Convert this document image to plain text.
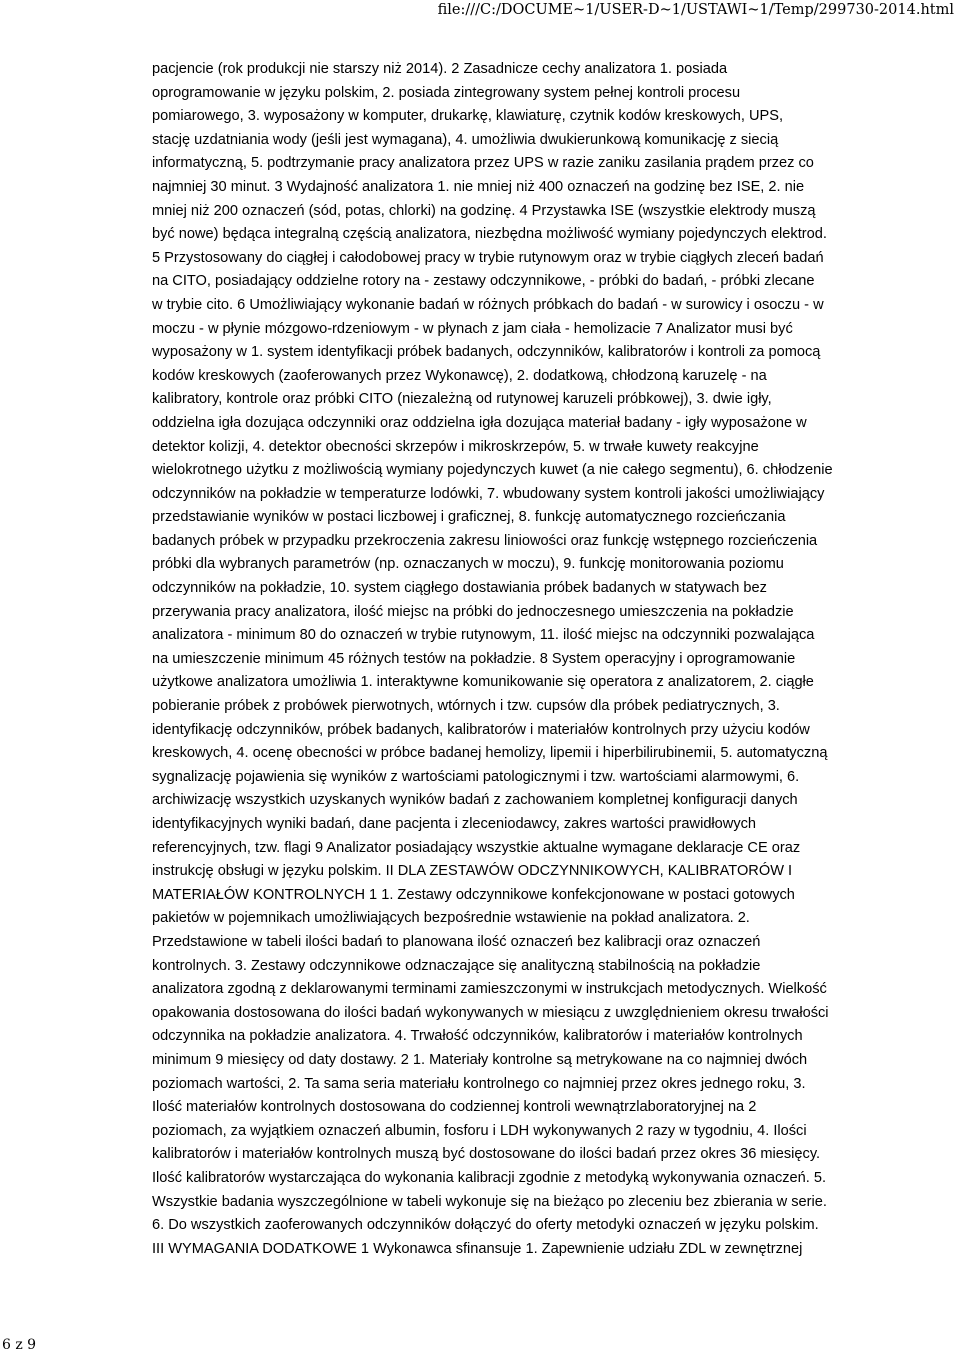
file:///C:/DOCUME~1/USER-D~1/USTAWI~1/Temp/299730-2014.html
pacjencie (rok produkcji nie starszy niż 2014). 2 Zasadnicze cechy analizatora 1. posiada
oprogramowanie w języku polskim, 2. posiada zintegrowany system pełnej kontroli procesu
pomiarowego, 3. wyposażony w komputer, drukarkę, klawiaturę, czytnik kodów kreskowych, UPS,
stację uzdatniania wody (jeśli jest wymagana), 4. umożliwia dwukierunkową komunikację z siecią
informatyczną, 5. podtrzymanie pracy analizatora przez UPS w razie zaniku zasilania prądem przez co
najmniej 30 minut. 3 Wydajność analizatora 1. nie mniej niż 400 oznaczeń na godzinę bez ISE, 2. nie
mniej niż 200 oznaczeń (sód, potas, chlorki) na godzinę. 4 Przystawka ISE (wszystkie elektrody muszą
być nowe) będąca integralną częścią analizatora, niezbędna możliwość wymiany pojedynczych elektrod.
5 Przystosowany do ciągłej i całodobowej pracy w trybie rutynowym oraz w trybie ciągłych zleceń badań
na CITO, posiadający oddzielne rotory na - zestawy odczynnikowe, - próbki do badań, - próbki zlecane
w trybie cito. 6 Umożliwiający wykonanie badań w różnych próbkach do badań - w surowicy i osoczu - w
moczu - w płynie mózgowo-rdzeniowym - w płynach z jam ciała - hemolizacie 7 Analizator musi być
wyposażony w 1. system identyfikacji próbek badanych, odczynników, kalibratorów i kontroli za pomocą
kodów kreskowych (zaoferowanych przez Wykonawcę), 2. dodatkową, chłodzoną karuzelę - na
kalibratory, kontrole oraz próbki CITO (niezależną od rutynowej karuzeli próbkowej), 3. dwie igły,
oddzielna igła dozująca odczynniki oraz oddzielna igła dozująca materiał badany - igły wyposażone w
detektor kolizji, 4. detektor obecności skrzepów i mikroskrzepów, 5. w trwałe kuwety reakcyjne
wielokrotnego użytku z możliwością wymiany pojedynczych kuwet (a nie całego segmentu), 6. chłodzenie
odczynników na pokładzie w temperaturze lodówki, 7. wbudowany system kontroli jakości umożliwiający
przedstawianie wyników w postaci liczbowej i graficznej, 8. funkcję automatycznego rozcieńczania
badanych próbek w przypadku przekroczenia zakresu liniowości oraz funkcję wstępnego rozcieńczenia
próbki dla wybranych parametrów (np. oznaczanych w moczu), 9. funkcję monitorowania poziomu
odczynników na pokładzie, 10. system ciągłego dostawiania próbek badanych w statywach bez
przerywania pracy analizatora, ilość miejsc na próbki do jednoczesnego umieszczenia na pokładzie
analizatora - minimum 80 do oznaczeń w trybie rutynowym, 11. ilość miejsc na odczynniki pozwalająca
na umieszczenie minimum 45 różnych testów na pokładzie. 8 System operacyjny i oprogramowanie
użytkowe analizatora umożliwia 1. interaktywne komunikowanie się operatora z analizatorem, 2. ciągłe
pobieranie próbek z probówek pierwotnych, wtórnych i tzw. cupsów dla próbek pediatrycznych, 3.
identyfikację odczynników, próbek badanych, kalibratorów i materiałów kontrolnych przy użyciu kodów
kreskowych, 4. ocenę obecności w próbce badanej hemolizy, lipemii i hiperbilirubinemii, 5. automatyczną
sygnalizację pojawienia się wyników z wartościami patologicznymi i tzw. wartościami alarmowymi, 6.
archiwizację wszystkich uzyskanych wyników badań z zachowaniem kompletnej konfiguracji danych
identyfikacyjnych wyniki badań, dane pacjenta i zleceniodawcy, zakres wartości prawidłowych
referencyjnych, tzw. flagi 9 Analizator posiadający wszystkie aktualne wymagane deklaracje CE oraz
instrukcję obsługi w języku polskim. II DLA ZESTAWÓW ODCZYNNIKOWYCH, KALIBRATORÓW I
MATERIAŁÓW KONTROLNYCH 1 1. Zestawy odczynnikowe konfekcjonowane w postaci gotowych
pakietów w pojemnikach umożliwiających bezpośrednie wstawienie na pokład analizatora. 2.
Przedstawione w tabeli ilości badań to planowana ilość oznaczeń bez kalibracji oraz oznaczeń
kontrolnych. 3. Zestawy odczynnikowe odznaczające się analityczną stabilnością na pokładzie
analizatora zgodną z deklarowanymi terminami zamieszczonymi w instrukcjach metodycznych. Wielkość
opakowania dostosowana do ilości badań wykonywanych w miesiącu z uwzględnieniem okresu trwałości
odczynnika na pokładzie analizatora. 4. Trwałość odczynników, kalibratorów i materiałów kontrolnych
minimum 9 miesięcy od daty dostawy. 2 1. Materiały kontrolne są metrykowane na co najmniej dwóch
poziomach wartości, 2. Ta sama seria materiału kontrolnego co najmniej przez okres jednego roku, 3.
Ilość materiałów kontrolnych dostosowana do codziennej kontroli wewnątrzlaboratoryjnej na 2
poziomach, za wyjątkiem oznaczeń albumin, fosforu i LDH wykonywanych 2 razy w tygodniu, 4. Ilości
kalibratorów i materiałów kontrolnych muszą być dostosowane do ilości badań przez okres 36 miesięcy.
Ilość kalibratorów wystarczająca do wykonania kalibracji zgodnie z metodyką wykonywania oznaczeń. 5.
Wszystkie badania wyszczególnione w tabeli wykonuje się na bieżąco po zleceniu bez zbierania w serie.
6. Do wszystkich zaoferowanych odczynników dołączyć do oferty metodyki oznaczeń w języku polskim.
III WYMAGANIA DODATKOWE 1 Wykonawca sfinansuje 1. Zapewnienie udziału ZDL w zewnętrznej
6 z 9
